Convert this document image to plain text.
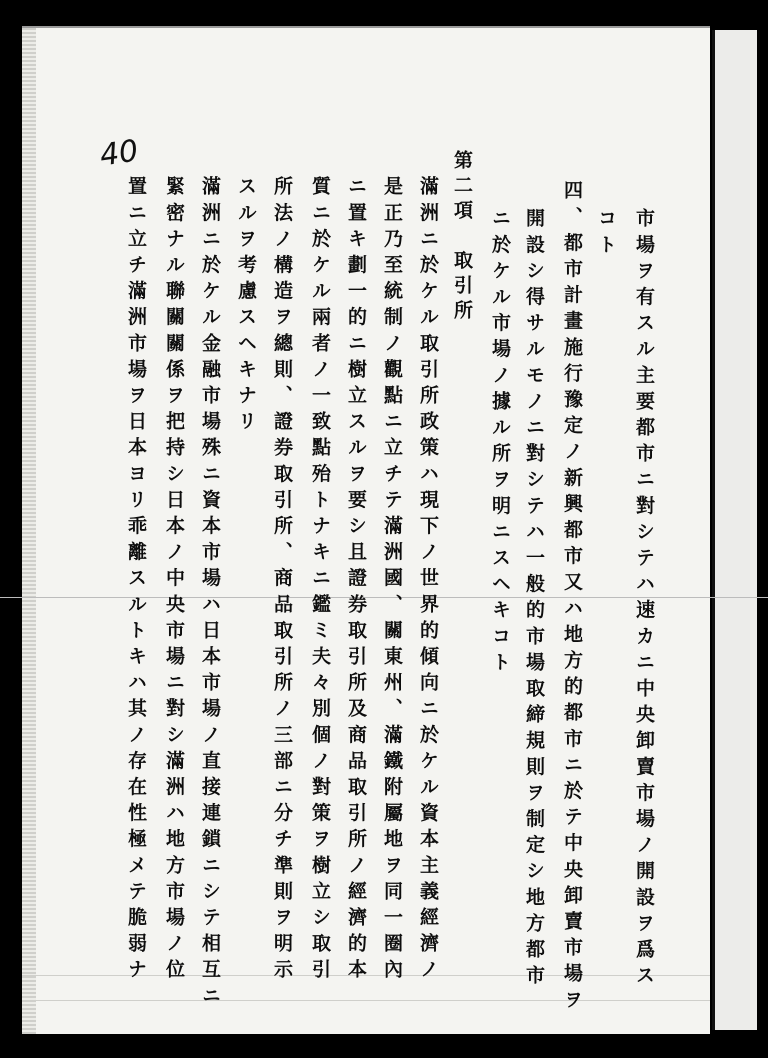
40
市場ヲ有スル主要都市ニ對シテハ速カニ中央卸賣市場ノ開設ヲ爲ス
コト
四、都市計畫施行豫定ノ新興都市又ハ地方的都市ニ於テ中央卸賣市場ヲ
開設シ得サルモノニ對シテハ一般的市場取締規則ヲ制定シ地方都市
ニ於ケル市場ノ據ル所ヲ明ニスヘキコト
第二項　取引所
滿洲ニ於ケル取引所政策ハ現下ノ世界的傾向ニ於ケル資本主義經濟ノ
是正乃至統制ノ觀點ニ立チテ滿洲國、關東州、滿鐵附屬地ヲ同一圈內
ニ置キ劃一的ニ樹立スルヲ要シ且證券取引所及商品取引所ノ經濟的本
質ニ於ケル兩者ノ一致點殆トナキニ鑑ミ夫々別個ノ對策ヲ樹立シ取引
所法ノ構造ヲ總則、證券取引所、商品取引所ノ三部ニ分チ準則ヲ明示
スルヲ考慮スヘキナリ
滿洲ニ於ケル金融市場殊ニ資本市場ハ日本市場ノ直接連鎖ニシテ相互ニ
緊密ナル聯關關係ヲ把持シ日本ノ中央市場ニ對シ滿洲ハ地方市場ノ位
置ニ立チ滿洲市場ヲ日本ヨリ乖離スルトキハ其ノ存在性極メテ脆弱ナ
